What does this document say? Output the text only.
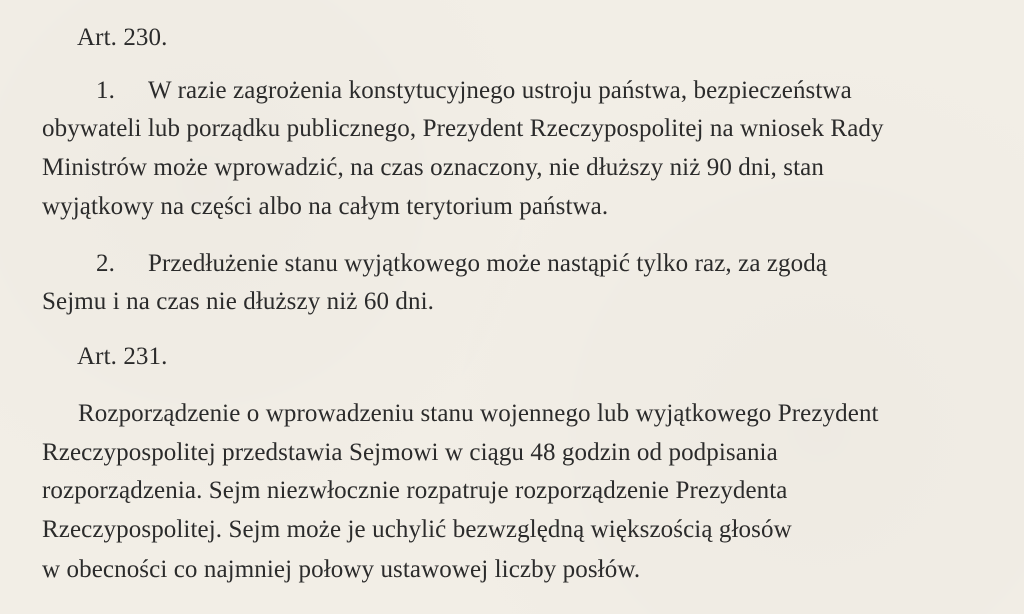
Art. 230.
1. W razie zagrożenia konstytucyjnego ustroju państwa, bezpieczeństwa
obywateli lub porządku publicznego, Prezydent Rzeczypospolitej na wniosek Rady
Ministrów może wprowadzić, na czas oznaczony, nie dłuższy niż 90 dni, stan
wyjątkowy na części albo na całym terytorium państwa.
2. Przedłużenie stanu wyjątkowego może nastąpić tylko raz, za zgodą
Sejmu i na czas nie dłuższy niż 60 dni.
Art. 231.
Rozporządzenie o wprowadzeniu stanu wojennego lub wyjątkowego Prezydent
Rzeczypospolitej przedstawia Sejmowi w ciągu 48 godzin od podpisania
rozporządzenia. Sejm niezwłocznie rozpatruje rozporządzenie Prezydenta
Rzeczypospolitej. Sejm może je uchylić bezwzględną większością głosów
w obecności co najmniej połowy ustawowej liczby posłów.
